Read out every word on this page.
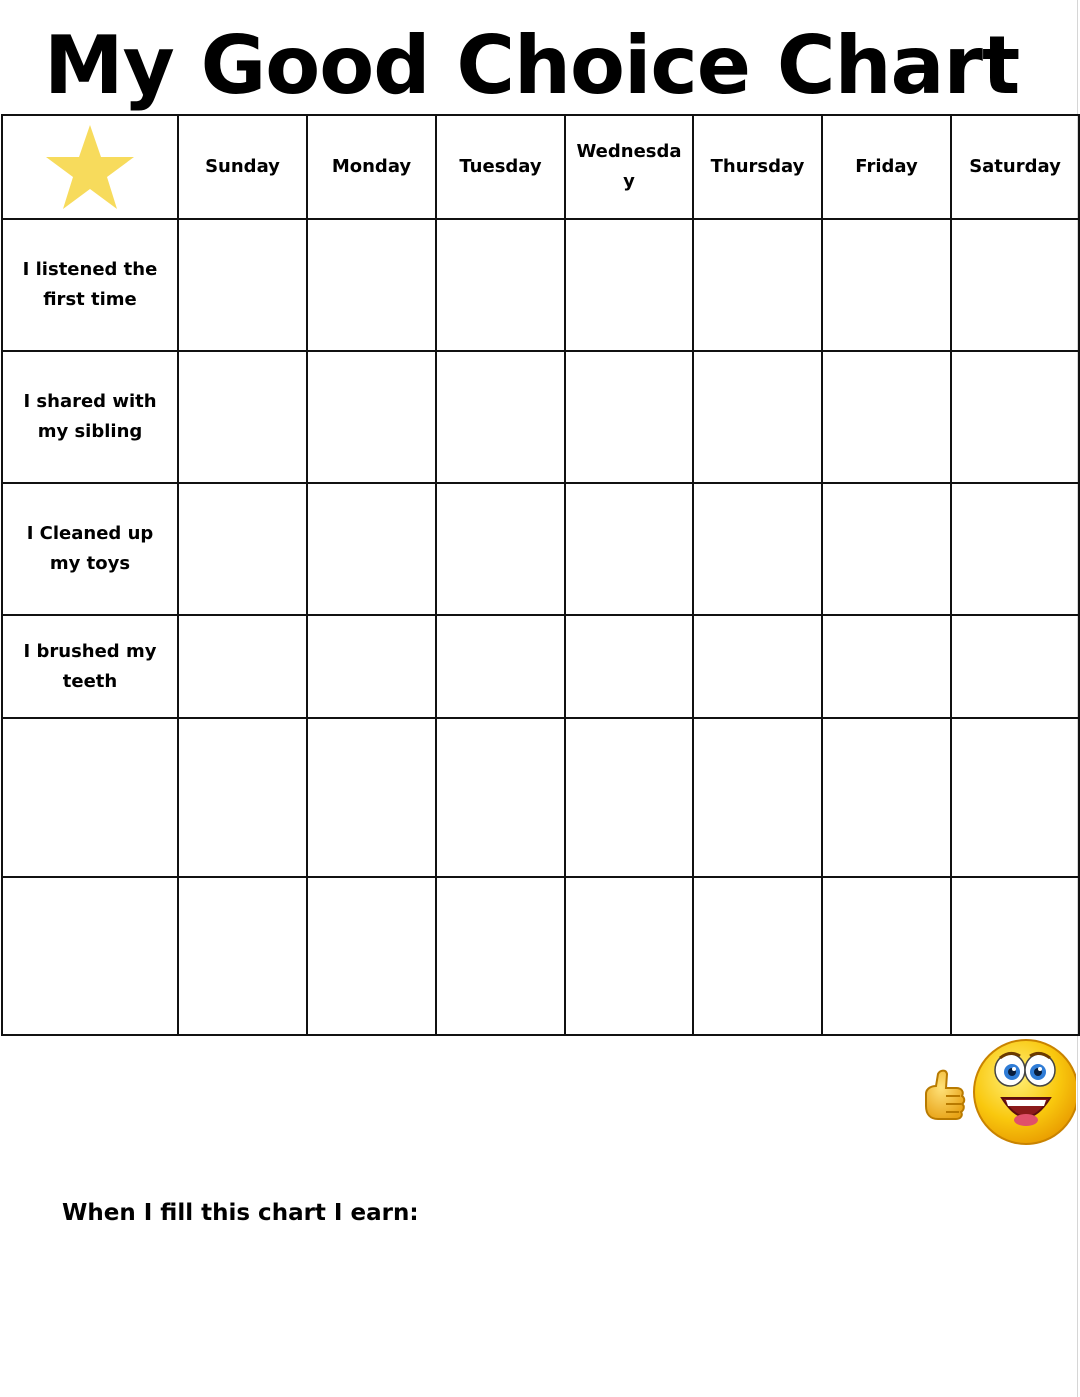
My Good Choice Chart
	Sunday	Monday	Tuesday	Wednesday	Thursday	Friday	Saturday
I listened the first time							
I shared with my sibling							
I Cleaned up my toys							
I brushed my teeth							

When I fill this chart I earn:
